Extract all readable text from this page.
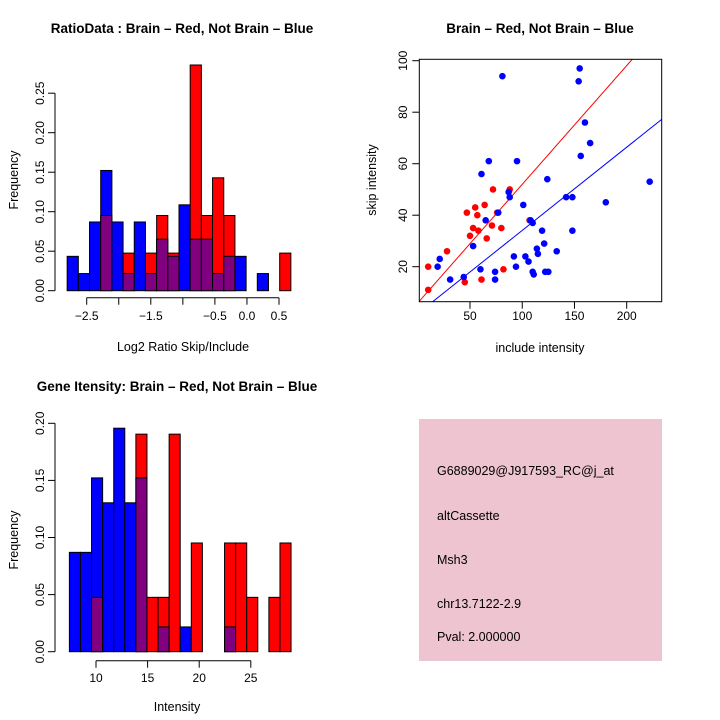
RatioData : Brain – Red, Not Brain – Blue
−2.5	−1.5	−0.5 0.0 0.5
0.00
0.05
0.10
0.15
0.20
0.25
Log2 Ratio Skip/Include
Frequency
Brain – Red, Not Brain – Blue
50	100	150	200
20
40
60
80
100
include intensity
skip intensity
Gene Itensity: Brain – Red, Not Brain – Blue
10	15	20	25
0.00
0.05
0.10
0.15
0.20
Intensity
Frequency
G6889029@J917593_RC@j_at
altCassette
Msh3
chr13.7122-2.9
Pval: 2.000000
